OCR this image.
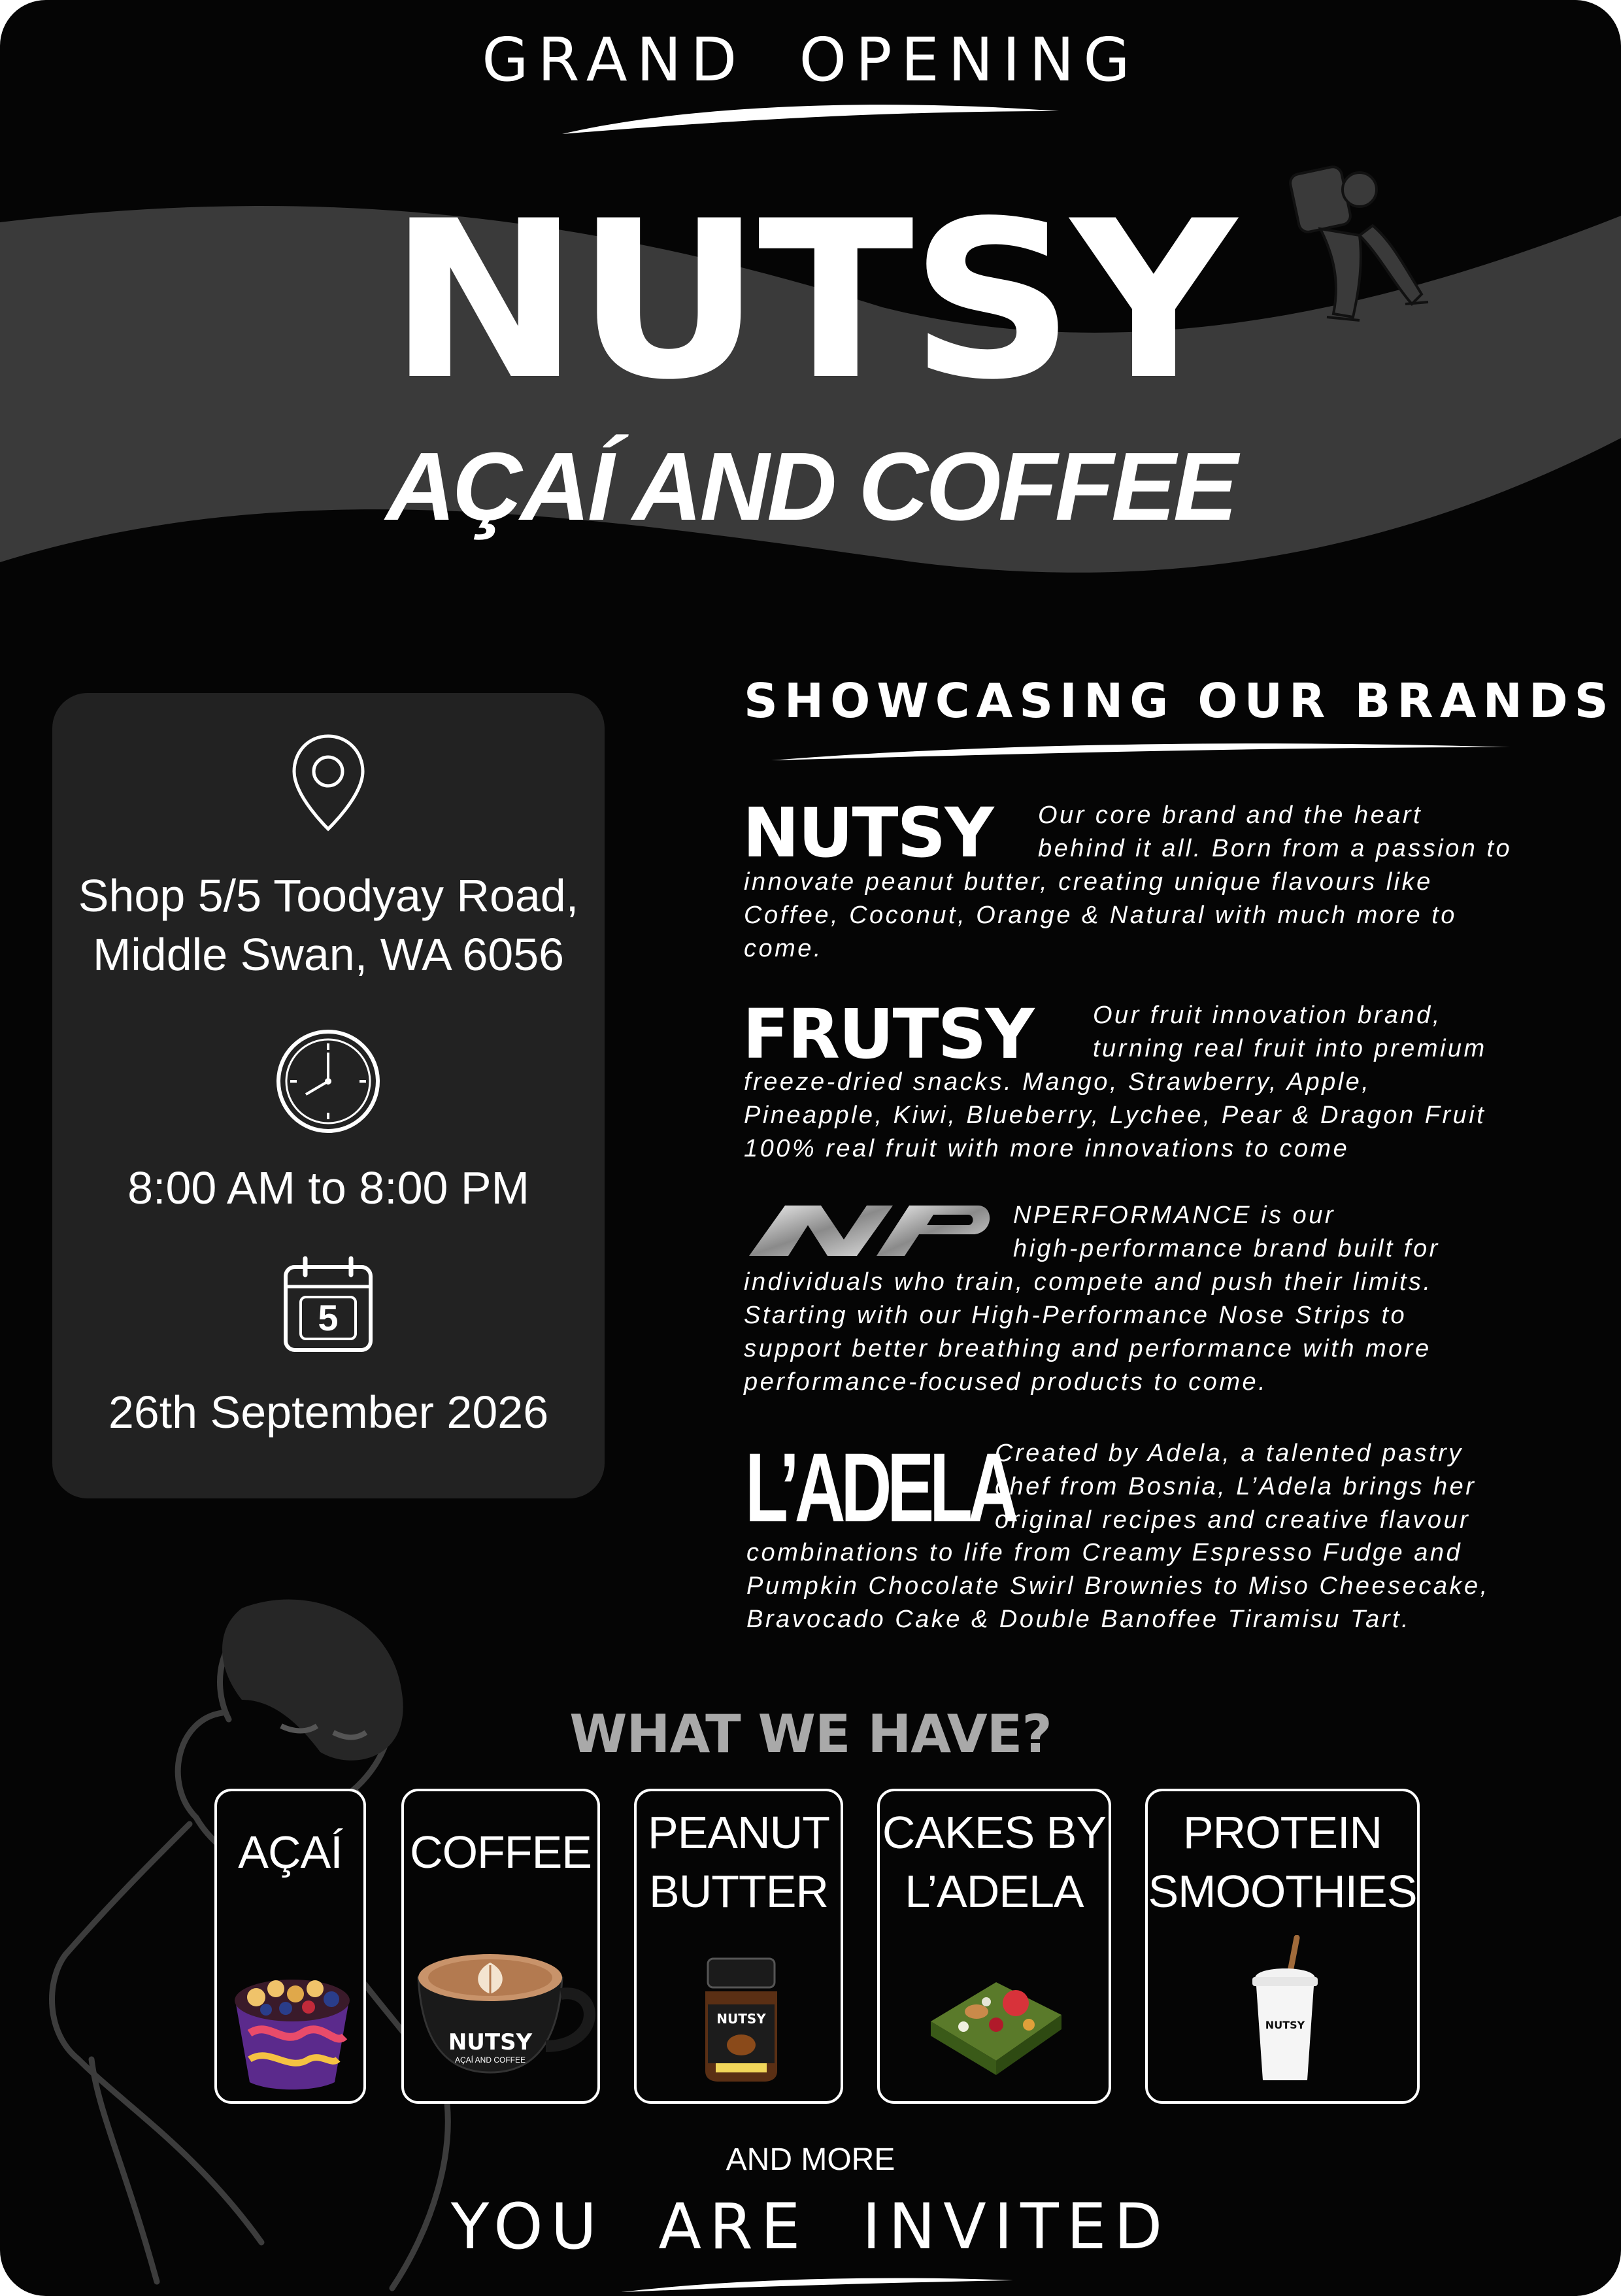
GRAND OPENING
NUTSY
AÇAÍ AND COFFEE
Shop 5/5 Toodyay Road,
Middle Swan, WA 6056
8:00 AM to 8:00 PM
5
26th September 2026
SHOWCASING OUR BRANDS
NUTSY Our core brand and the heart
behind it all. Born from a passion to
innovate peanut butter, creating unique flavours like
Coffee, Coconut, Orange & Natural with much more to
come.
FRUTSY Our fruit innovation brand,
turning real fruit into premium
freeze-dried snacks. Mango, Strawberry, Apple,
Pineapple, Kiwi, Blueberry, Lychee, Pear & Dragon Fruit
100% real fruit with more innovations to come
NPERFORMANCE is our
high-performance brand built for
individuals who train, compete and push their limits.
Starting with our High-Performance Nose Strips to
support better breathing and performance with more
performance-focused products to come.
L’ADELA
Created by Adela, a talented pastry
chef from Bosnia, L’Adela brings her
original recipes and creative flavour
combinations to life from Creamy Espresso Fudge and
Pumpkin Chocolate Swirl Brownies to Miso Cheesecake,
Bravocado Cake & Double Banoffee Tiramisu Tart.
WHAT WE HAVE?
AÇAÍ	COFFEE
NUTSY
AÇAÍ AND COFFEE
PEANUT
BUTTER
NUTSY
CAKES BY
L’ADELA
PROTEIN
SMOOTHIES
NUTSY
AND MORE
YOU ARE INVITED
